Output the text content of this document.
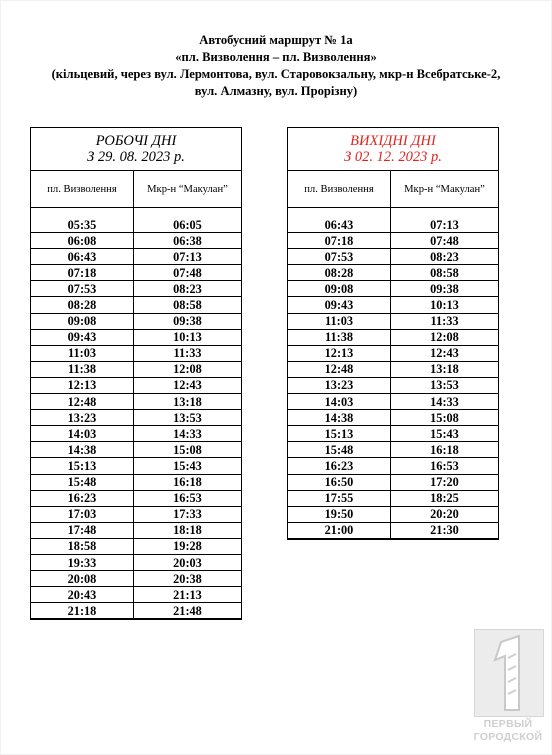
Автобусний маршрут № 1а
«пл. Визволення – пл. Визволення»
(кільцевий, через вул. Лермонтова, вул. Старовокзальну, мкр-н Всебратське-2,
вул. Алмазну, вул. Прорізну)
РОБОЧІ ДНІ
З 29. 08. 2023 р.	

пл. Визволення	Мкр-н “Макулан”

05:35	06:05
06:08	06:38
06:43	07:13
07:18	07:48
07:53	08:23
08:28	08:58
09:08	09:38
09:43	10:13
11:03	11:33
11:38	12:08
12:13	12:43
12:48	13:18
13:23	13:53
14:03	14:33
14:38	15:08
15:13	15:43
15:48	16:18
16:23	16:53
17:03	17:33
17:48	18:18
18:58	19:28
19:33	20:03
20:08	20:38
20:43	21:13
21:18	21:48
ВИХІДНІ ДНІ
З 02. 12. 2023 р.	

пл. Визволення	Мкр-н “Макулан”

06:43	07:13
07:18	07:48
07:53	08:23
08:28	08:58
09:08	09:38
09:43	10:13
11:03	11:33
11:38	12:08
12:13	12:43
12:48	13:18
13:23	13:53
14:03	14:33
14:38	15:08
15:13	15:43
15:48	16:18
16:23	16:53
16:50	17:20
17:55	18:25
19:50	20:20
21:00	21:30
ПЕРВЫЙ
ГОРОДСКОЙ
